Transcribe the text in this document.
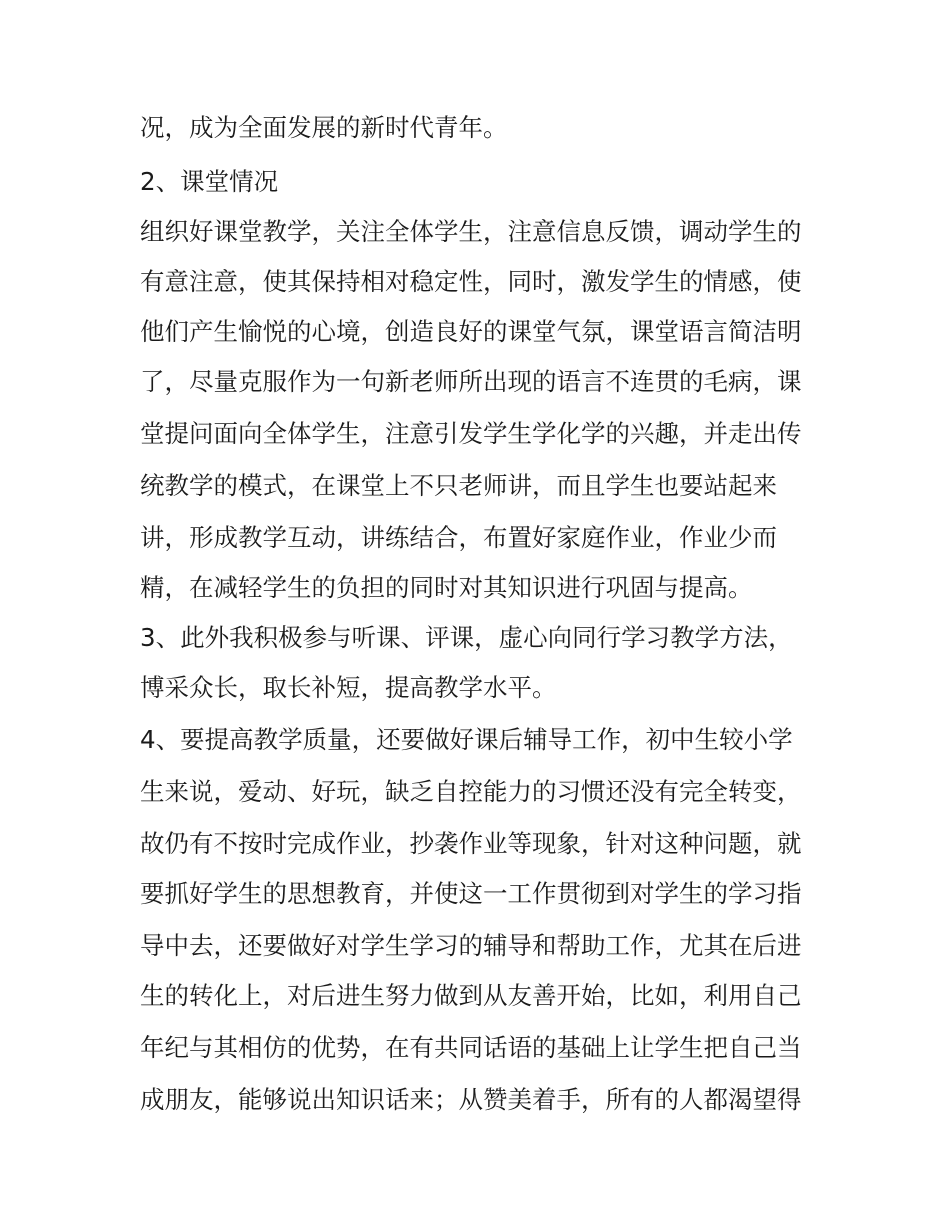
况，成为全面发展的新时代青年。
2、课堂情况
组织好课堂教学，关注全体学生，注意信息反馈，调动学生的
有意注意，使其保持相对稳定性，同时，激发学生的情感，使
他们产生愉悦的心境，创造良好的课堂气氛，课堂语言简洁明
了，尽量克服作为一句新老师所出现的语言不连贯的毛病，课
堂提问面向全体学生，注意引发学生学化学的兴趣，并走出传
统教学的模式，在课堂上不只老师讲，而且学生也要站起来
讲，形成教学互动，讲练结合，布置好家庭作业，作业少而
精，在减轻学生的负担的同时对其知识进行巩固与提高。
3、此外我积极参与听课、评课，虚心向同行学习教学方法，
博采众长，取长补短，提高教学水平。
4、要提高教学质量，还要做好课后辅导工作，初中生较小学
生来说，爱动、好玩，缺乏自控能力的习惯还没有完全转变，
故仍有不按时完成作业，抄袭作业等现象，针对这种问题，就
要抓好学生的思想教育，并使这一工作贯彻到对学生的学习指
导中去，还要做好对学生学习的辅导和帮助工作，尤其在后进
生的转化上，对后进生努力做到从友善开始，比如，利用自己
年纪与其相仿的优势，在有共同话语的基础上让学生把自己当
成朋友，能够说出知识话来；从赞美着手，所有的人都渴望得
